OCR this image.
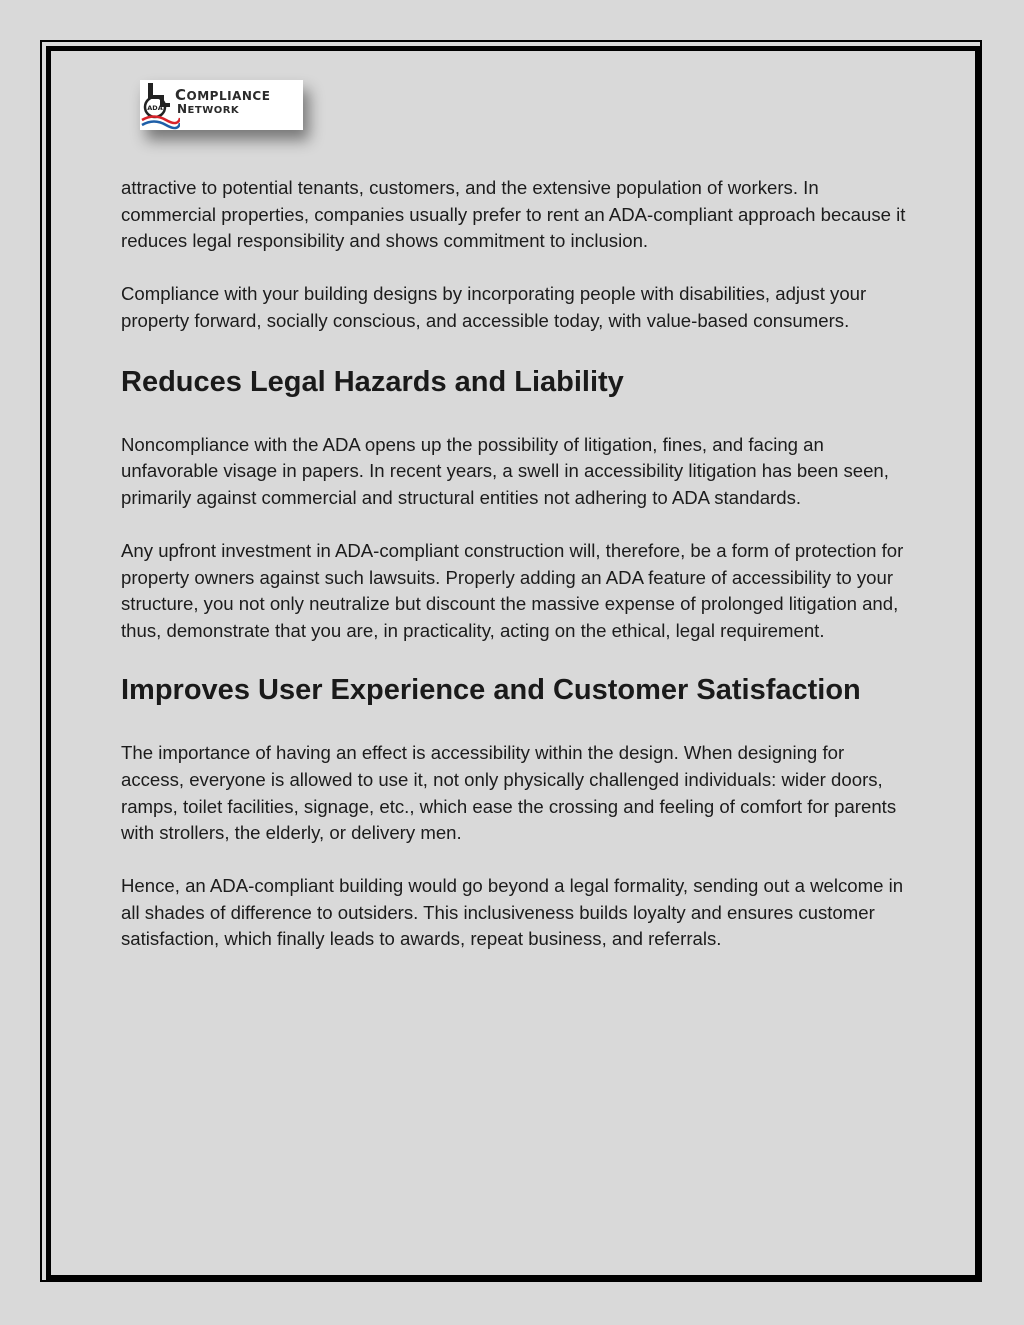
ADA
COMPLIANCE
NETWORK

attractive to potential tenants, customers, and the extensive population of workers. In commercial properties, companies usually prefer to rent an ADA-compliant approach because it reduces legal responsibility and shows commitment to inclusion.

Compliance with your building designs by incorporating people with disabilities, adjust your property forward, socially conscious, and accessible today, with value-based consumers.

Reduces Legal Hazards and Liability

Noncompliance with the ADA opens up the possibility of litigation, fines, and facing an unfavorable visage in papers. In recent years, a swell in accessibility litigation has been seen, primarily against commercial and structural entities not adhering to ADA standards.

Any upfront investment in ADA-compliant construction will, therefore, be a form of protection for property owners against such lawsuits. Properly adding an ADA feature of accessibility to your structure, you not only neutralize but discount the massive expense of prolonged litigation and, thus, demonstrate that you are, in practicality, acting on the ethical, legal requirement.

Improves User Experience and Customer Satisfaction

The importance of having an effect is accessibility within the design. When designing for access, everyone is allowed to use it, not only physically challenged individuals: wider doors, ramps, toilet facilities, signage, etc., which ease the crossing and feeling of comfort for parents with strollers, the elderly, or delivery men.

Hence, an ADA-compliant building would go beyond a legal formality, sending out a welcome in all shades of difference to outsiders. This inclusiveness builds loyalty and ensures customer satisfaction, which finally leads to awards, repeat business, and referrals.
